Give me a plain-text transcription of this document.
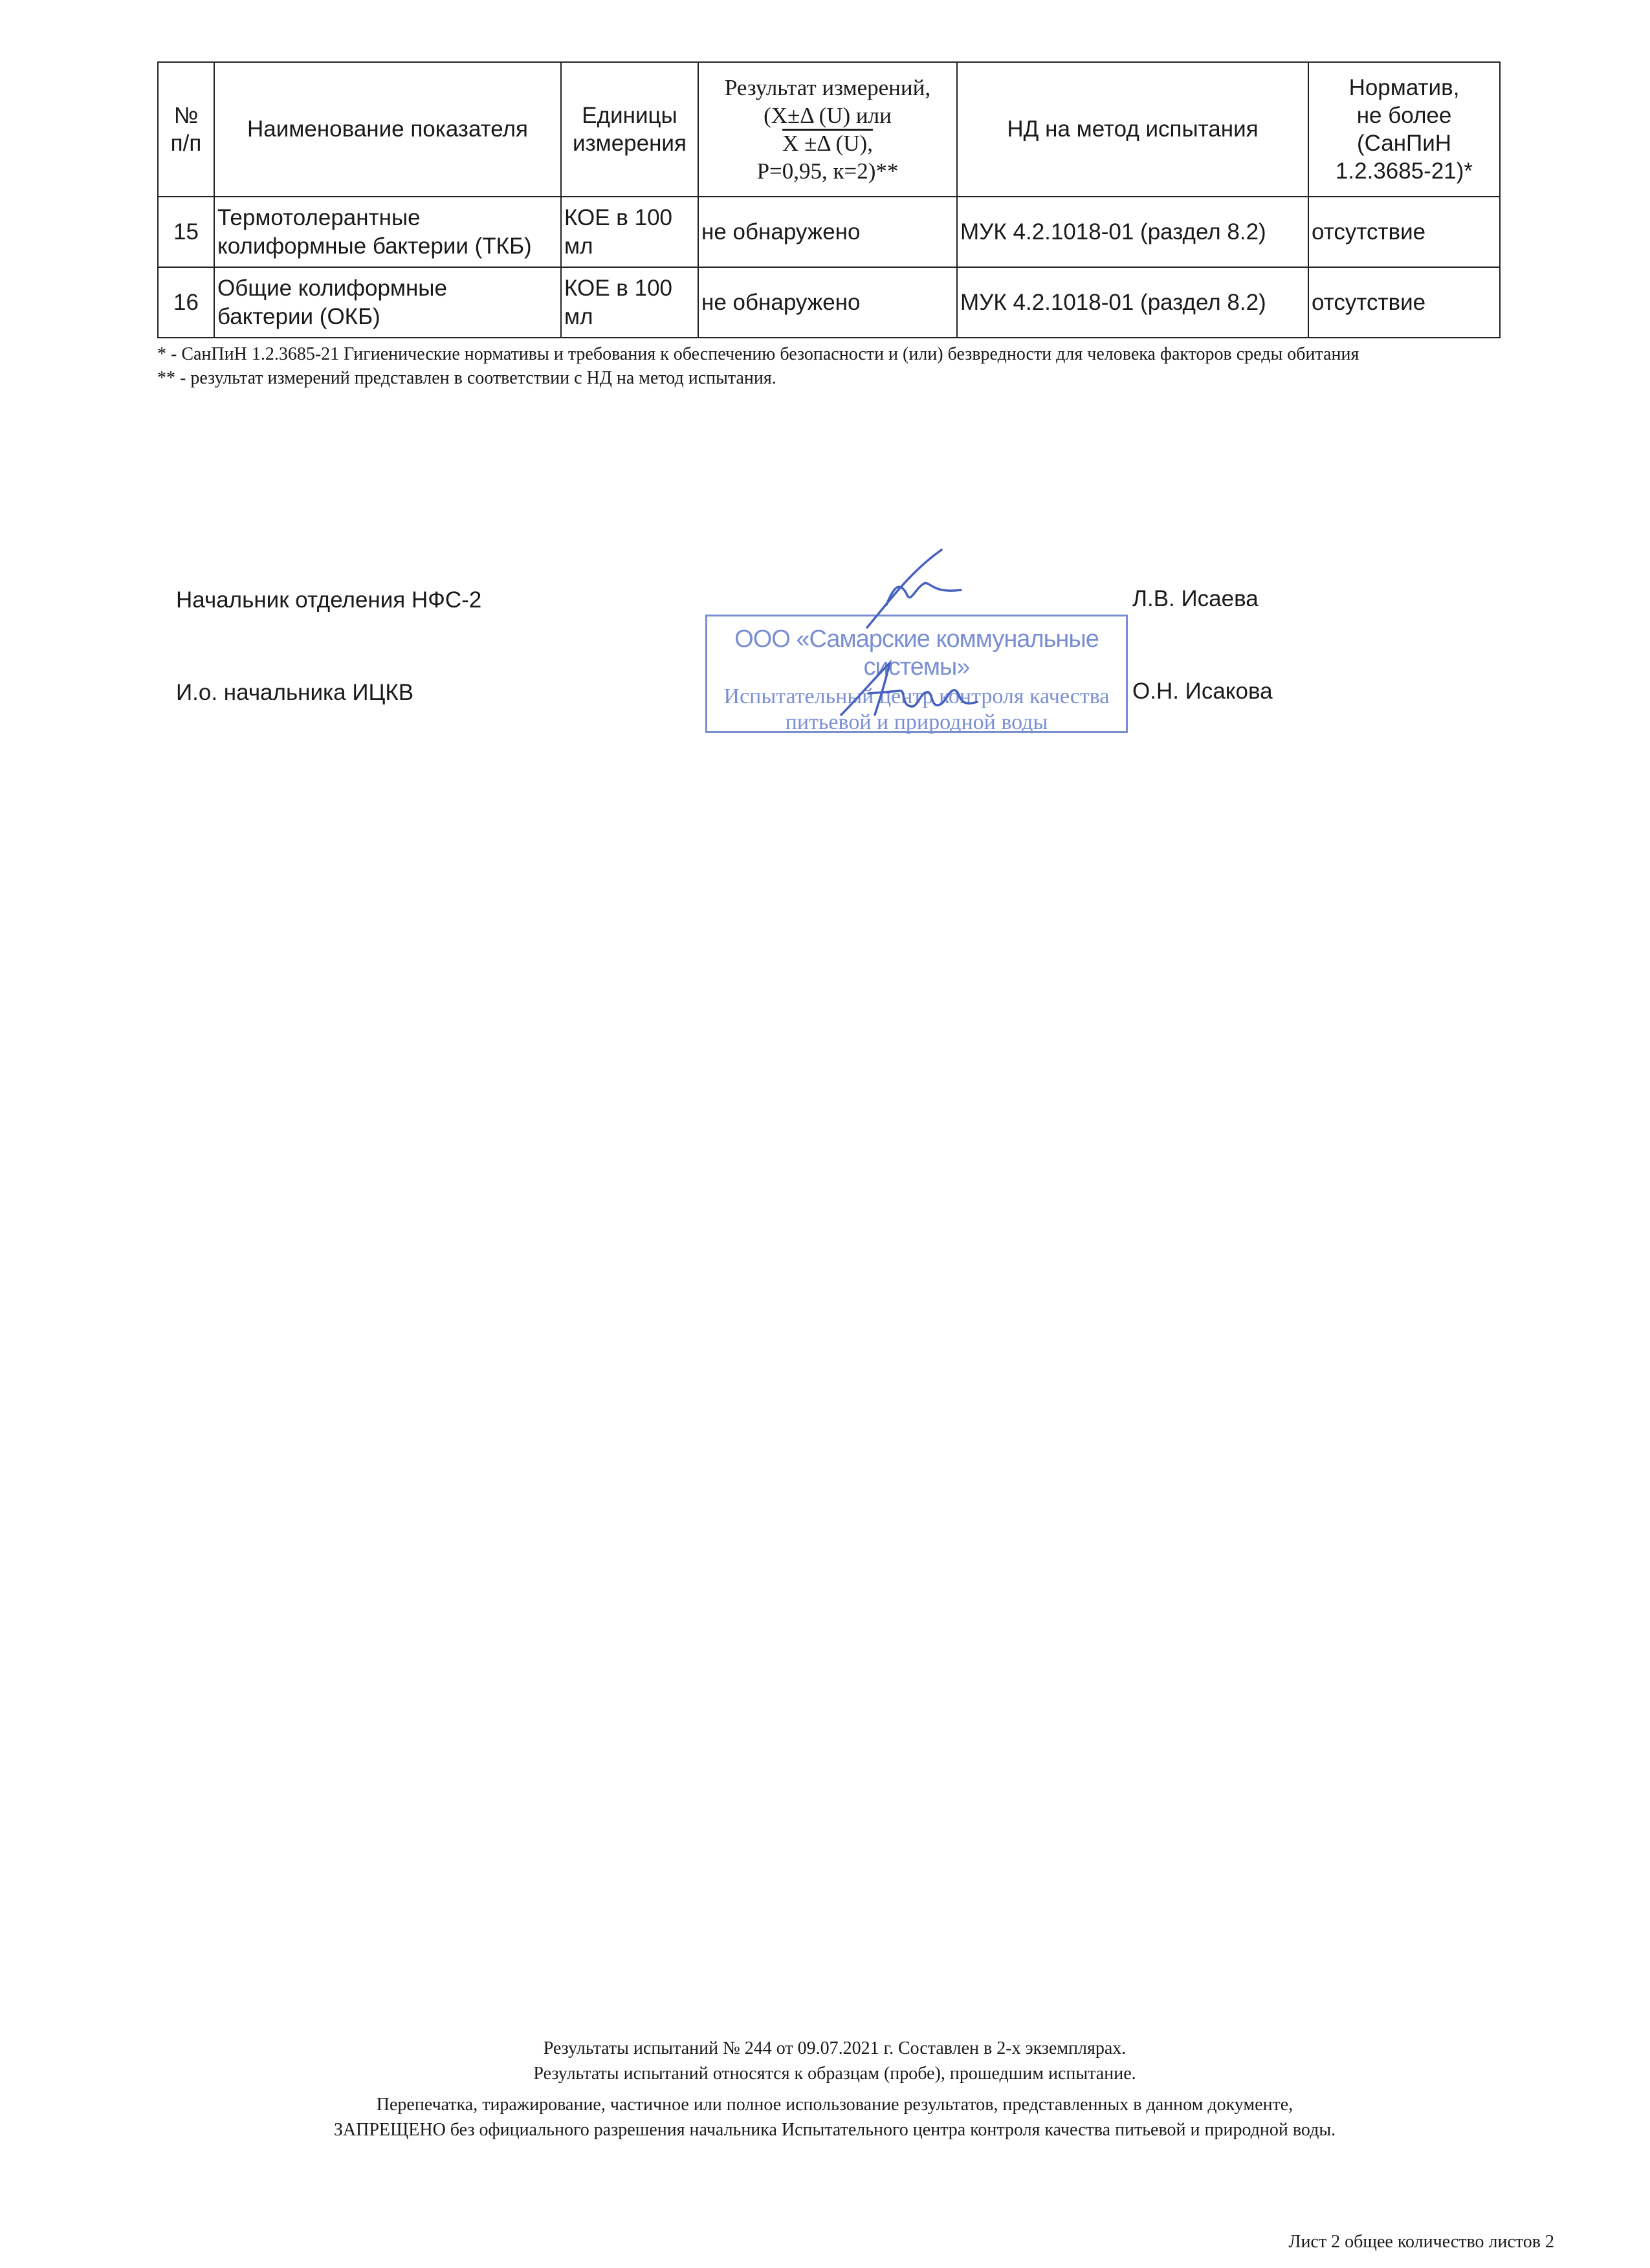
№
п/п	Наименование показателя	Единицы
измерения	Результат измерений,
(Х±Δ (U) или
Х ±Δ (U),
Р=0,95, к=2)**	НД на метод испытания	Норматив,
не более
(СанПиН
1.2.3685-21)*
15	Термотолерантные
колиформные бактерии (ТКБ)	КОЕ в 100
мл	не обнаружено	МУК 4.2.1018-01 (раздел 8.2)	отсутствие
16	Общие колиформные
бактерии (ОКБ)	КОЕ в 100
мл	не обнаружено	МУК 4.2.1018-01 (раздел 8.2)	отсутствие

* - СанПиН 1.2.3685-21 Гигиенические нормативы и требования к обеспечению безопасности и (или) безвредности для человека факторов среды обитания

** - результат измерений представлен в соответствии с НД на метод испытания.

Начальник отделения НФС-2	Л.В. Исаева
И.о. начальника ИЦКВ	О.Н. Исакова
ООО «Самарские коммунальные системы»
Испытательный центр контроля качества
питьевой и природной воды

Результаты испытаний № 244 от 09.07.2021 г. Составлен в 2-х экземплярах.

Результаты испытаний относятся к образцам (пробе), прошедшим испытание.

Перепечатка, тиражирование, частичное или полное использование результатов, представленных в данном документе,

ЗАПРЕЩЕНО без официального разрешения начальника Испытательного центра контроля качества питьевой и природной воды.

Лист 2 общее количество листов 2
